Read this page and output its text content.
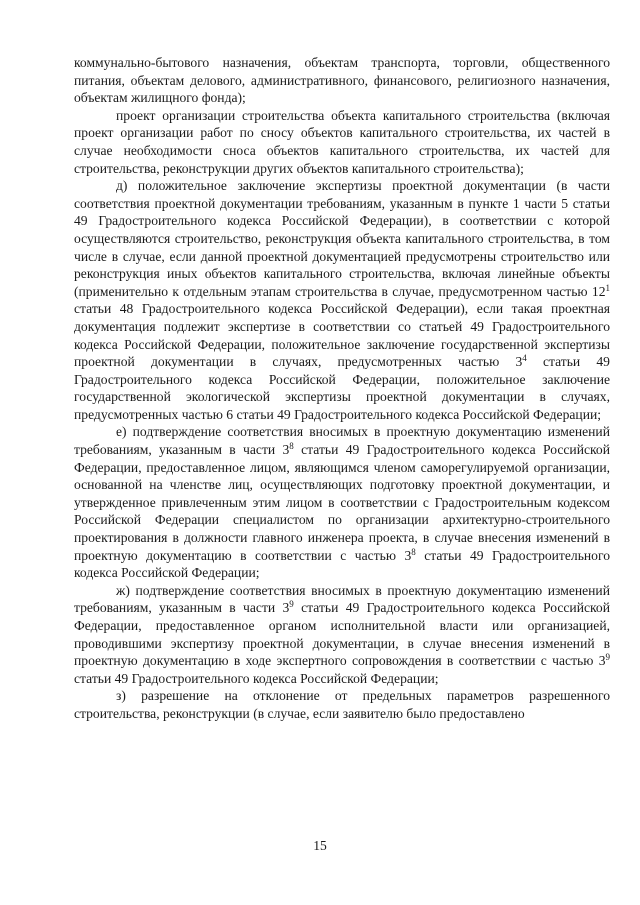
коммунально-бытового назначения, объектам транспорта, торговли, общественного питания, объектам делового, административного, финансового, религиозного назначения, объектам жилищного фонда);
проект организации строительства объекта капитального строительства (включая проект организации работ по сносу объектов капитального строительства, их частей в случае необходимости сноса объектов капитального строительства, их частей для строительства, реконструкции других объектов капитального строительства);
д) положительное заключение экспертизы проектной документации (в части соответствия проектной документации требованиям, указанным в пункте 1 части 5 статьи 49 Градостроительного кодекса Российской Федерации), в соответствии с которой осуществляются строительство, реконструкция объекта капитального строительства, в том числе в случае, если данной проектной документацией предусмотрены строительство или реконструкция иных объектов капитального строительства, включая линейные объекты (применительно к отдельным этапам строительства в случае, предусмотренном частью $12^1$ статьи 48 Градостроительного кодекса Российской Федерации), если такая проектная документация подлежит экспертизе в соответствии со статьей 49 Градостроительного кодекса Российской Федерации, положительное заключение государственной экспертизы проектной документации в случаях, предусмотренных частью $3^4$ статьи 49 Градостроительного кодекса Российской Федерации, положительное заключение государственной экологической экспертизы проектной документации в случаях, предусмотренных частью 6 статьи 49 Градостроительного кодекса Российской Федерации;
е) подтверждение соответствия вносимых в проектную документацию изменений требованиям, указанным в части $3^8$ статьи 49 Градостроительного кодекса Российской Федерации, предоставленное лицом, являющимся членом саморегулируемой организации, основанной на членстве лиц, осуществляющих подготовку проектной документации, и утвержденное привлеченным этим лицом в соответствии с Градостроительным кодексом Российской Федерации специалистом по организации архитектурно-строительного проектирования в должности главного инженера проекта, в случае внесения изменений в проектную документацию в соответствии с частью $3^8$ статьи 49 Градостроительного кодекса Российской Федерации;
ж) подтверждение соответствия вносимых в проектную документацию изменений требованиям, указанным в части $3^9$ статьи 49 Градостроительного кодекса Российской Федерации, предоставленное органом исполнительной власти или организацией, проводившими экспертизу проектной документации, в случае внесения изменений в проектную документацию в ходе экспертного сопровождения в соответствии с частью $3^9$ статьи 49 Градостроительного кодекса Российской Федерации;
з) разрешение на отклонение от предельных параметров разрешенного строительства, реконструкции (в случае, если заявителю было предоставлено
15
